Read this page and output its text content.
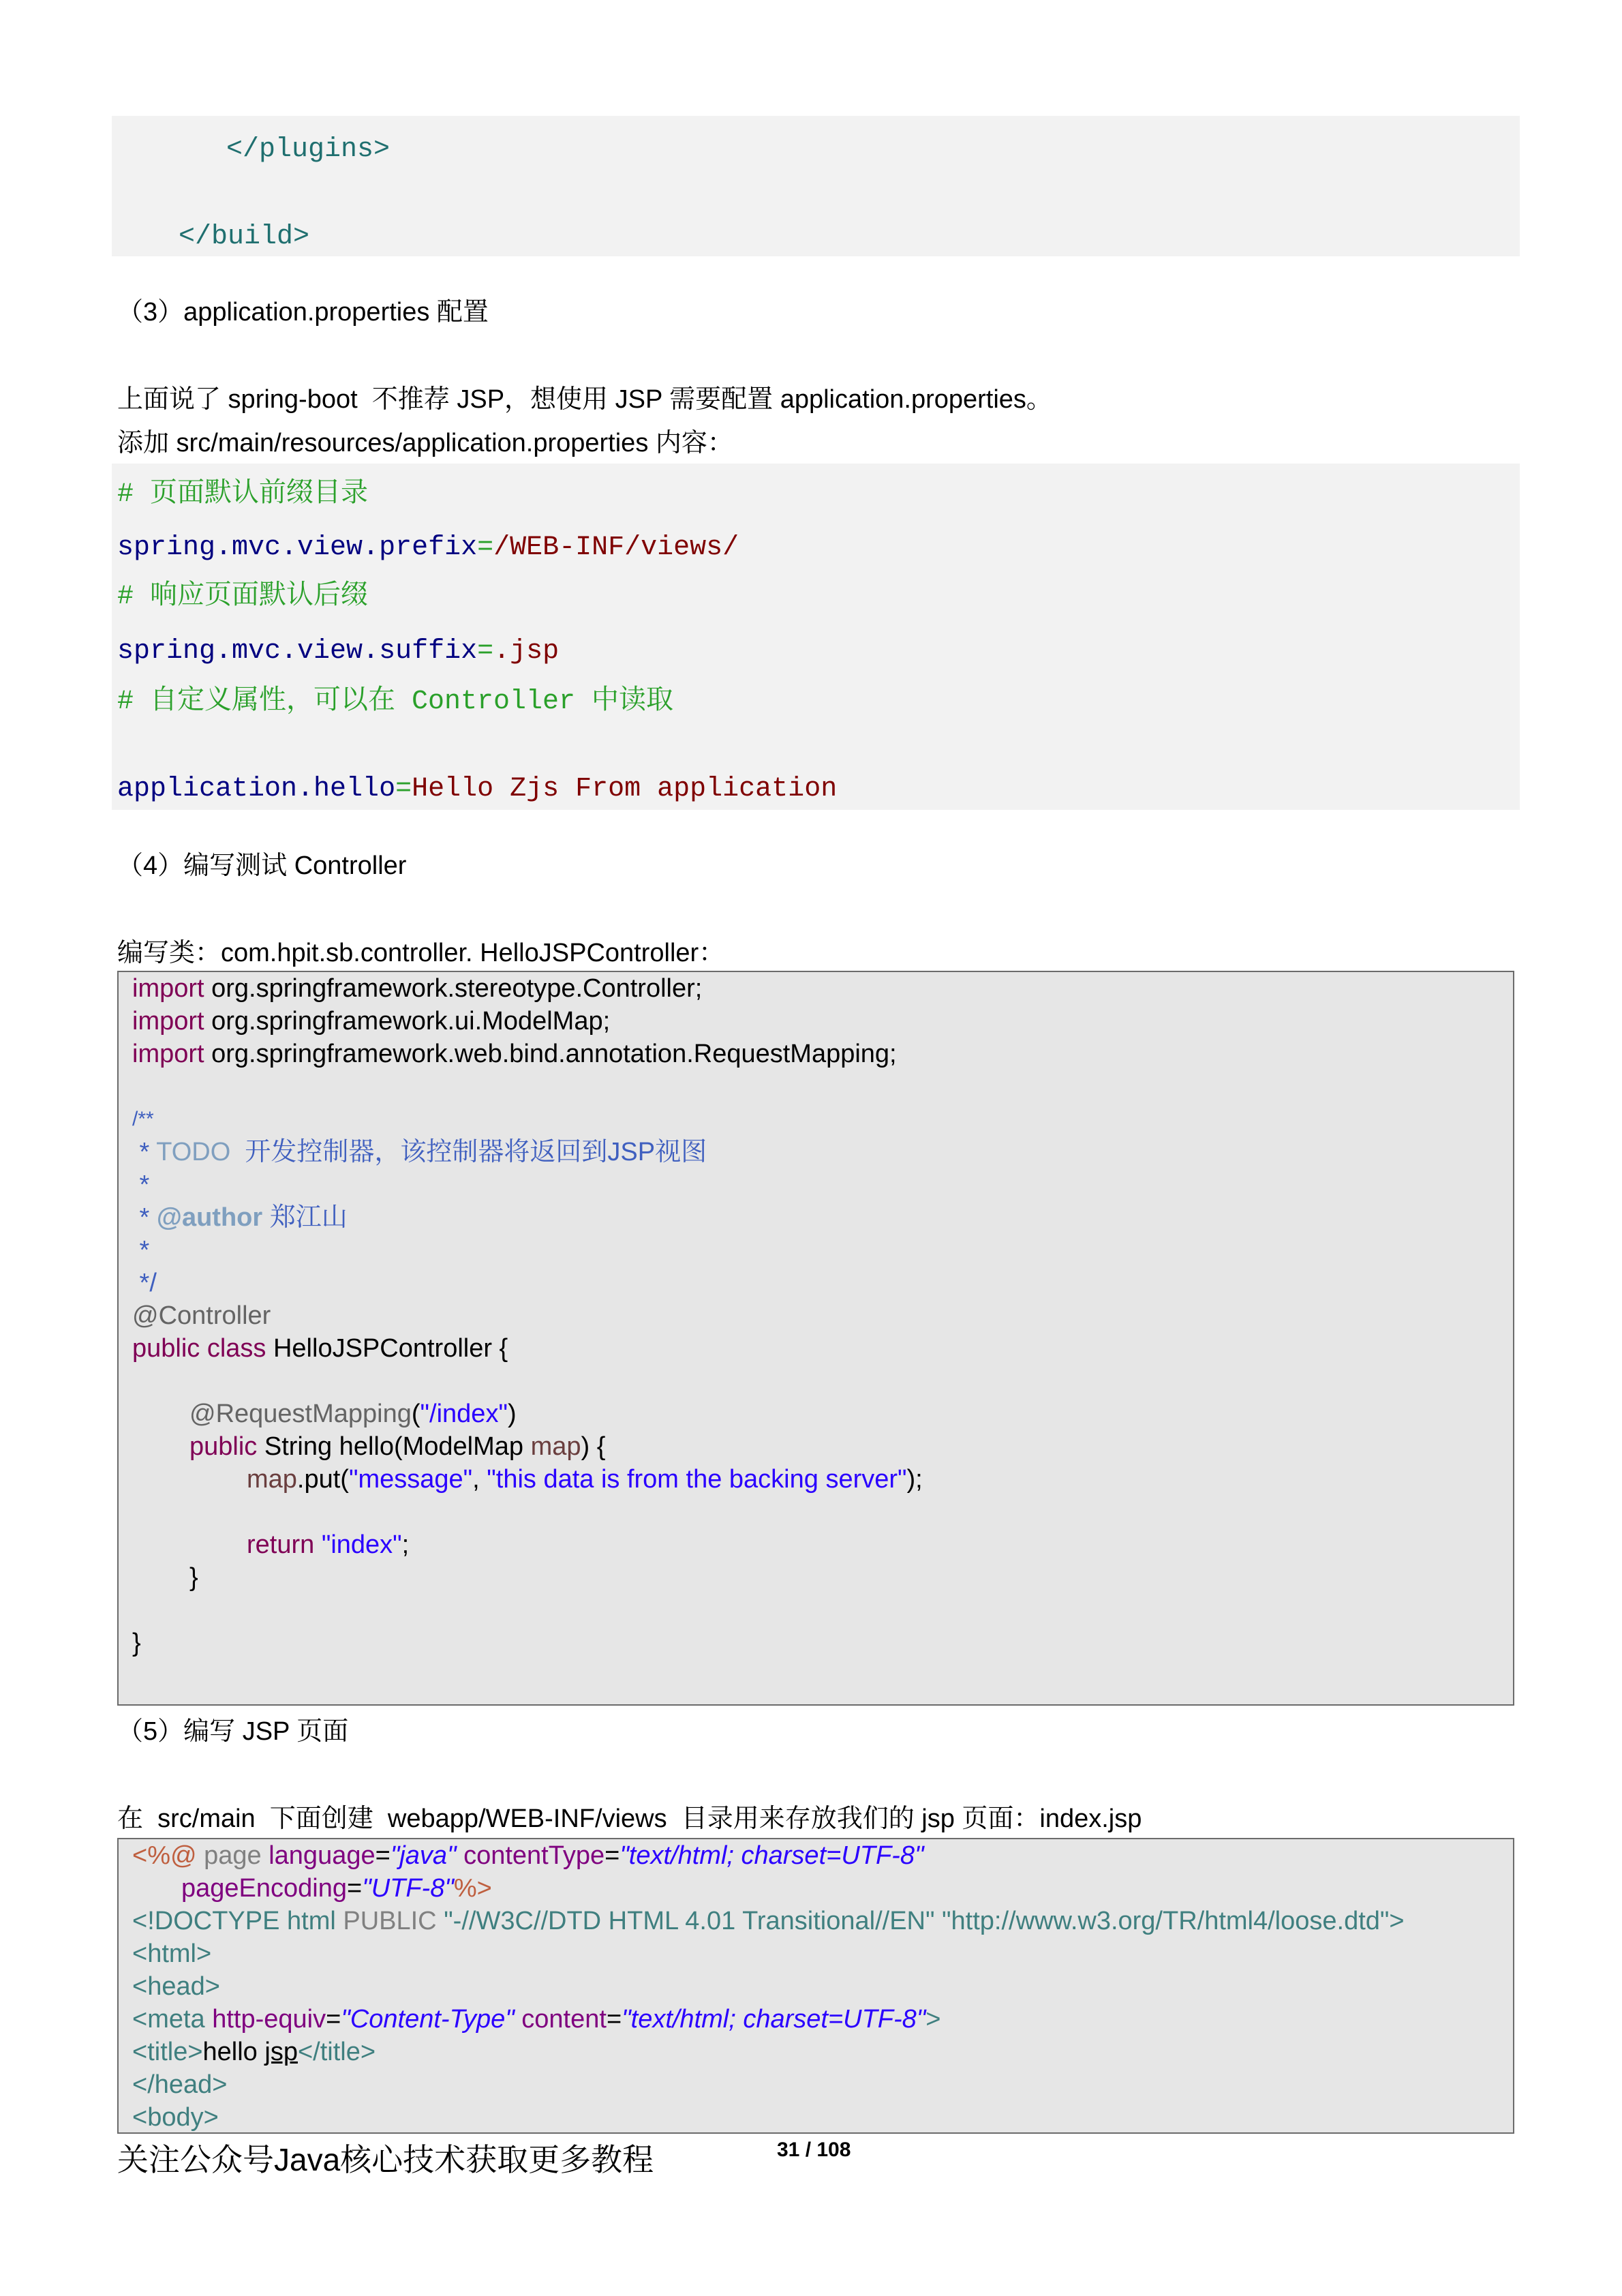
</plugins>
</build>
（3）application.properties 配置
上面说了 spring-boot  不推荐 JSP，想使用 JSP 需要配置 application.properties。
添加 src/main/resources/application.properties 内容：
# 页面默认前缀目录
spring.mvc.view.prefix=/WEB-INF/views/
# 响应页面默认后缀
spring.mvc.view.suffix=.jsp
# 自定义属性，可以在 Controller 中读取
application.hello=Hello Zjs From application
（4）编写测试 Controller
编写类：com.hpit.sb.controller. HelloJSPController：
import org.springframework.stereotype.Controller;
import org.springframework.ui.ModelMap;
import org.springframework.web.bind.annotation.RequestMapping;
/**
* TODO  开发控制器，该控制器将返回到JSP视图
*
* @author 郑江山
*
*/
@Controller
public class HelloJSPController {
@RequestMapping("/index")
public String hello(ModelMap map) {
map.put("message", "this data is from the backing server");
return "index";
}
}
（5）编写 JSP 页面
在  src/main  下面创建  webapp/WEB-INF/views  目录用来存放我们的 jsp 页面：index.jsp
<%@ page language="java" contentType="text/html; charset=UTF-8"
pageEncoding="UTF-8"%>
<!DOCTYPE html PUBLIC "-//W3C//DTD HTML 4.01 Transitional//EN" "http://www.w3.org/TR/html4/loose.dtd">
<html>
<head>
<meta http-equiv="Content-Type" content="text/html; charset=UTF-8">
<title>hello jsp</title>
</head>
<body>
关注公众号Java核心技术获取更多教程	31 / 108
